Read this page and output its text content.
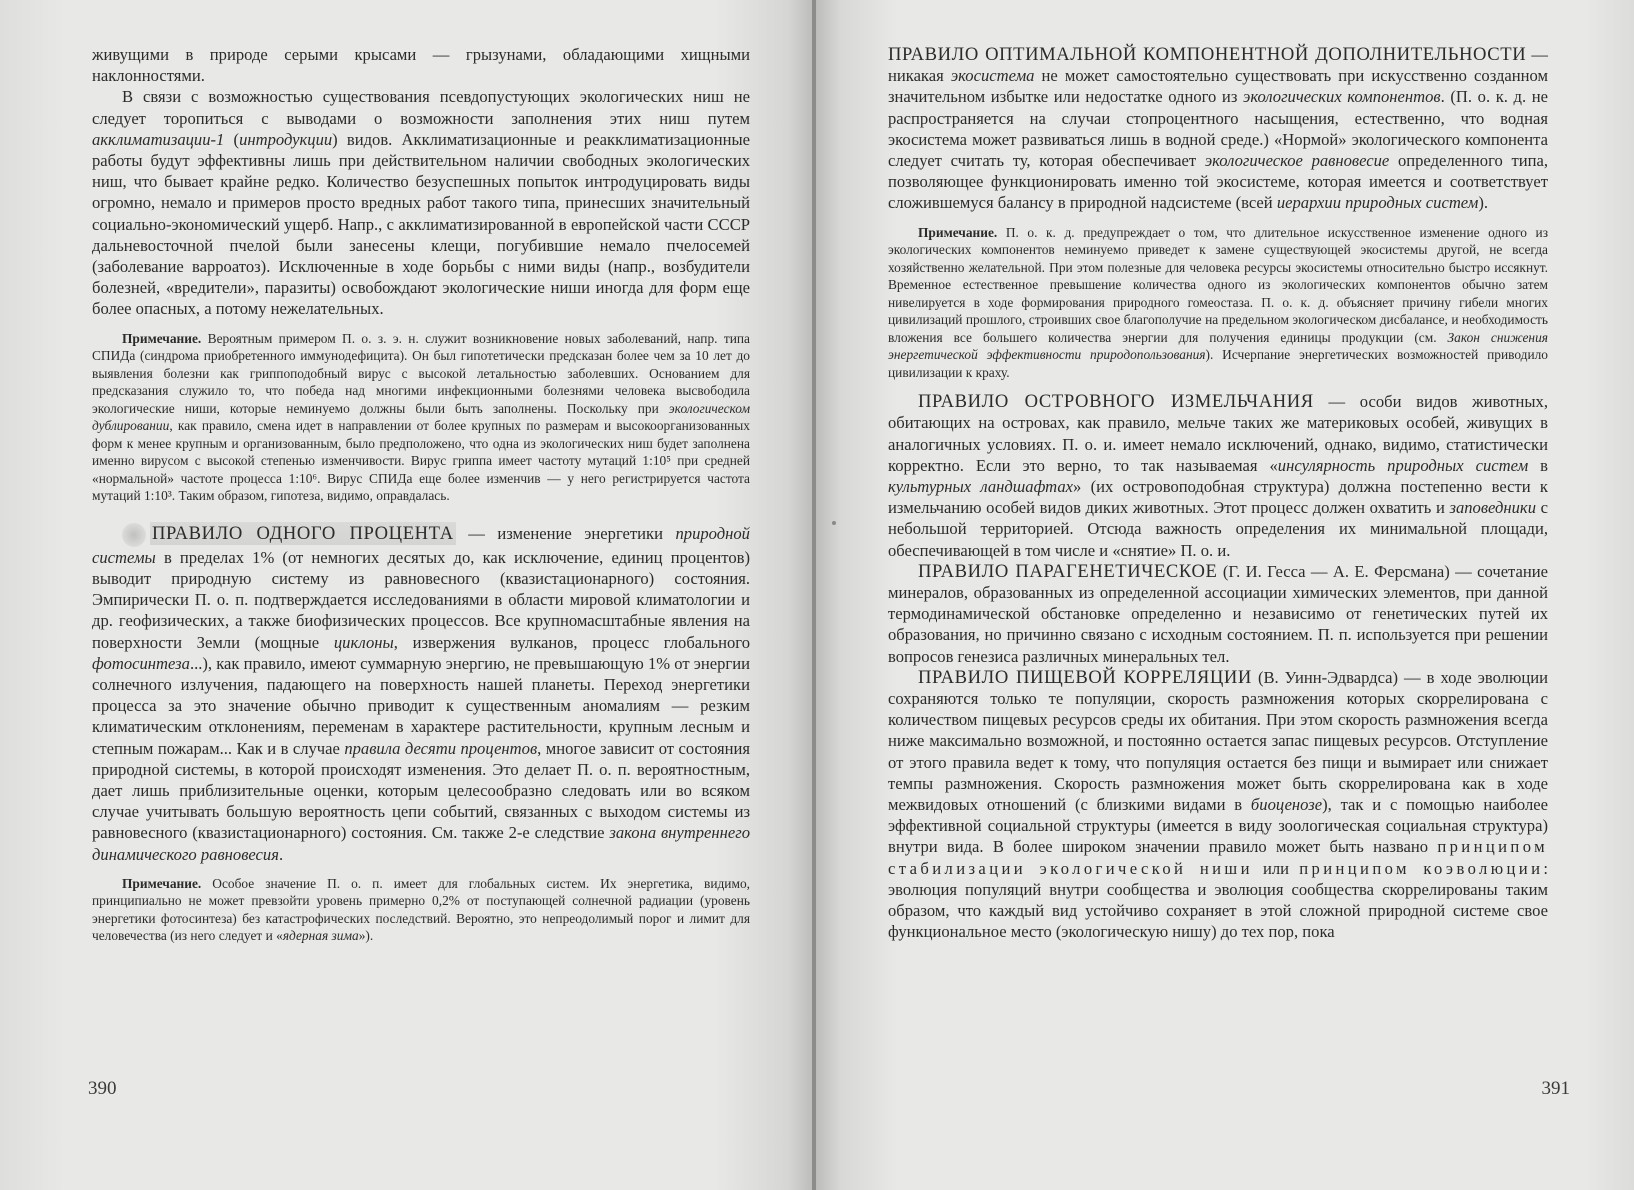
живущими в природе серыми крысами — грызунами, обладающими хищными наклонностями.

В связи с возможностью существования псевдопустующих экологических ниш не следует торопиться с выводами о возможности заполнения этих ниш путем акклиматизации-1 (интродукции) видов. Акклиматизационные и реакклиматизационные работы будут эффективны лишь при действительном наличии свободных экологических ниш, что бывает крайне редко. Количество безуспешных попыток интродуцировать виды огромно, немало и примеров просто вредных работ такого типа, принесших значительный социально-экономический ущерб. Напр., с акклиматизированной в европейской части СССР дальневосточной пчелой были занесены клещи, погубившие немало пчелосемей (заболевание варроатоз). Исключенные в ходе борьбы с ними виды (напр., возбудители болезней, «вредители», паразиты) освобождают экологические ниши иногда для форм еще более опасных, а потому нежелательных.

Примечание. Вероятным примером П. о. з. э. н. служит возникновение новых заболеваний, напр. типа СПИДа (синдрома приобретенного иммунодефицита). Он был гипотетически предсказан более чем за 10 лет до выявления болезни как гриппоподобный вирус с высокой летальностью заболевших. Основанием для предсказания служило то, что победа над многими инфекционными болезнями человека высвободила экологические ниши, которые неминуемо должны были быть заполнены. Поскольку при экологическом дублировании, как правило, смена идет в направлении от более крупных по размерам и высокоорганизованных форм к менее крупным и организованным, было предположено, что одна из экологических ниш будет заполнена именно вирусом с высокой степенью изменчивости. Вирус гриппа имеет частоту мутаций 1:10⁵ при средней «нормальной» частоте процесса 1:10⁶. Вирус СПИДа еще более изменчив — у него регистрируется частота мутаций 1:10³. Таким образом, гипотеза, видимо, оправдалась.

ПРАВИЛО ОДНОГО ПРОЦЕНТА — изменение энергетики природной системы в пределах 1% (от немногих десятых до, как исключение, единиц процентов) выводит природную систему из равновесного (квазистационарного) состояния. Эмпирически П. о. п. подтверждается исследованиями в области мировой климатологии и др. геофизических, а также биофизических процессов. Все крупномасштабные явления на поверхности Земли (мощные циклоны, извержения вулканов, процесс глобального фотосинтеза...), как правило, имеют суммарную энергию, не превышающую 1% от энергии солнечного излучения, падающего на поверхность нашей планеты. Переход энергетики процесса за это значение обычно приводит к существенным аномалиям — резким климатическим отклонениям, переменам в характере растительности, крупным лесным и степным пожарам... Как и в случае правила десяти процентов, многое зависит от состояния природной системы, в которой происходят изменения. Это делает П. о. п. вероятностным, дает лишь приблизительные оценки, которым целесообразно следовать или во всяком случае учитывать большую вероятность цепи событий, связанных с выходом системы из равновесного (квазистационарного) состояния. См. также 2-е следствие закона внутреннего динамического равновесия.

Примечание. Особое значение П. о. п. имеет для глобальных систем. Их энергетика, видимо, принципиально не может превзойти уровень примерно 0,2% от поступающей солнечной радиации (уровень энергетики фотосинтеза) без катастрофических последствий. Вероятно, это непреодолимый порог и лимит для человечества (из него следует и «ядерная зима»).

390

ПРАВИЛО ОПТИМАЛЬНОЙ КОМПОНЕНТНОЙ ДОПОЛНИТЕЛЬНОСТИ — никакая экосистема не может самостоятельно существовать при искусственно созданном значительном избытке или недостатке одного из экологических компонентов. (П. о. к. д. не распространяется на случаи стопроцентного насыщения, естественно, что водная экосистема может развиваться лишь в водной среде.) «Нормой» экологического компонента следует считать ту, которая обеспечивает экологическое равновесие определенного типа, позволяющее функционировать именно той экосистеме, которая имеется и соответствует сложившемуся балансу в природной надсистеме (всей иерархии природных систем).

Примечание. П. о. к. д. предупреждает о том, что длительное искусственное изменение одного из экологических компонентов неминуемо приведет к замене существующей экосистемы другой, не всегда хозяйственно желательной. При этом полезные для человека ресурсы экосистемы относительно быстро иссякнут. Временное естественное превышение количества одного из экологических компонентов обычно затем нивелируется в ходе формирования природного гомеостаза. П. о. к. д. объясняет причину гибели многих цивилизаций прошлого, строивших свое благополучие на предельном экологическом дисбалансе, и необходимость вложения все большего количества энергии для получения единицы продукции (см. Закон снижения энергетической эффективности природопользования). Исчерпание энергетических возможностей приводило цивилизации к краху.

ПРАВИЛО ОСТРОВНОГО ИЗМЕЛЬЧАНИЯ — особи видов животных, обитающих на островах, как правило, мельче таких же материковых особей, живущих в аналогичных условиях. П. о. и. имеет немало исключений, однако, видимо, статистически корректно. Если это верно, то так называемая «инсулярность природных систем в культурных ландшафтах» (их островоподобная структура) должна постепенно вести к измельчанию особей видов диких животных. Этот процесс должен охватить и заповедники с небольшой территорией. Отсюда важность определения их минимальной площади, обеспечивающей в том числе и «снятие» П. о. и.

ПРАВИЛО ПАРАГЕНЕТИЧЕСКОЕ (Г. И. Гесса — А. Е. Ферсмана) — сочетание минералов, образованных из определенной ассоциации химических элементов, при данной термодинамической обстановке определенно и независимо от генетических путей их образования, но причинно связано с исходным состоянием. П. п. используется при решении вопросов генезиса различных минеральных тел.

ПРАВИЛО ПИЩЕВОЙ КОРРЕЛЯЦИИ (В. Уинн-Эдвардса) — в ходе эволюции сохраняются только те популяции, скорость размножения которых скоррелирована с количеством пищевых ресурсов среды их обитания. При этом скорость размножения всегда ниже максимально возможной, и постоянно остается запас пищевых ресурсов. Отступление от этого правила ведет к тому, что популяция остается без пищи и вымирает или снижает темпы размножения. Скорость размножения может быть скоррелирована как в ходе межвидовых отношений (с близкими видами в биоценозе), так и с помощью наиболее эффективной социальной структуры (имеется в виду зоологическая социальная структура) внутри вида. В более широком значении правило может быть названо принципом стабилизации экологической ниши или принципом коэволюции: эволюция популяций внутри сообщества и эволюция сообщества скоррелированы таким образом, что каждый вид устойчиво сохраняет в этой сложной природной системе свое функциональное место (экологическую нишу) до тех пор, пока

391
